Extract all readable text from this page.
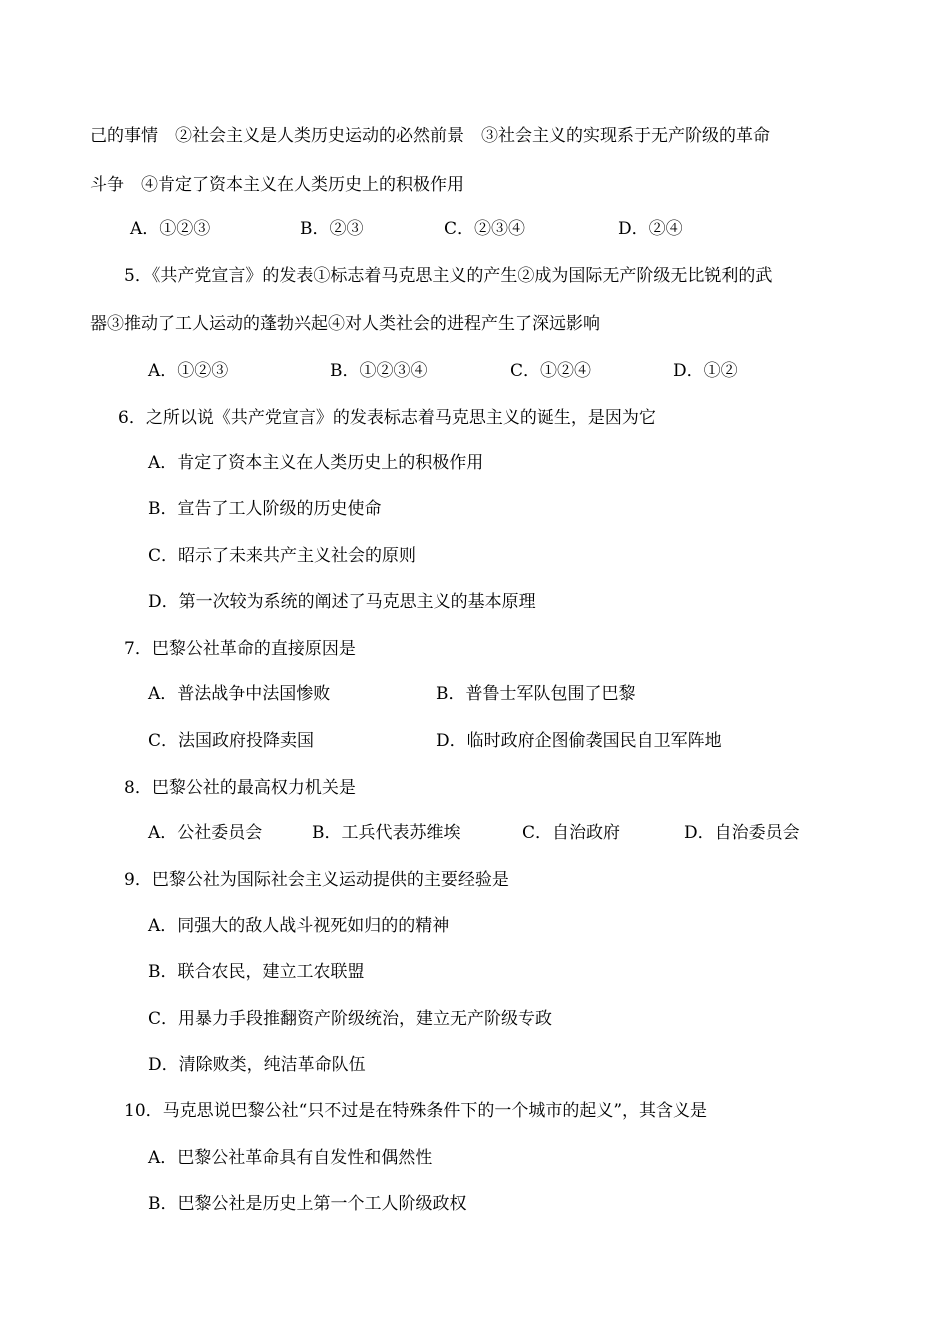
己的事情　②社会主义是人类历史运动的必然前景　③社会主义的实现系于无产阶级的革命
斗争　④肯定了资本主义在人类历史上的积极作用
A．①②③	B．②③	C．②③④	D．②④
5．《共产党宣言》的发表①标志着马克思主义的产生②成为国际无产阶级无比锐利的武
器③推动了工人运动的蓬勃兴起④对人类社会的进程产生了深远影响
A．①②③	B．①②③④	C．①②④	D．①②
6．之所以说《共产党宣言》的发表标志着马克思主义的诞生，是因为它
A．肯定了资本主义在人类历史上的积极作用
B．宣告了工人阶级的历史使命
C．昭示了未来共产主义社会的原则
D．第一次较为系统的阐述了马克思主义的基本原理
7．巴黎公社革命的直接原因是
A．普法战争中法国惨败	B．普鲁士军队包围了巴黎
C．法国政府投降卖国	D．临时政府企图偷袭国民自卫军阵地
8．巴黎公社的最高权力机关是
A．公社委员会	B．工兵代表苏维埃	C．自治政府	D．自治委员会
9．巴黎公社为国际社会主义运动提供的主要经验是
A．同强大的敌人战斗视死如归的的精神
B．联合农民，建立工农联盟
C．用暴力手段推翻资产阶级统治，建立无产阶级专政
D．清除败类，纯洁革命队伍
10．马克思说巴黎公社“只不过是在特殊条件下的一个城市的起义”，其含义是
A．巴黎公社革命具有自发性和偶然性
B．巴黎公社是历史上第一个工人阶级政权
